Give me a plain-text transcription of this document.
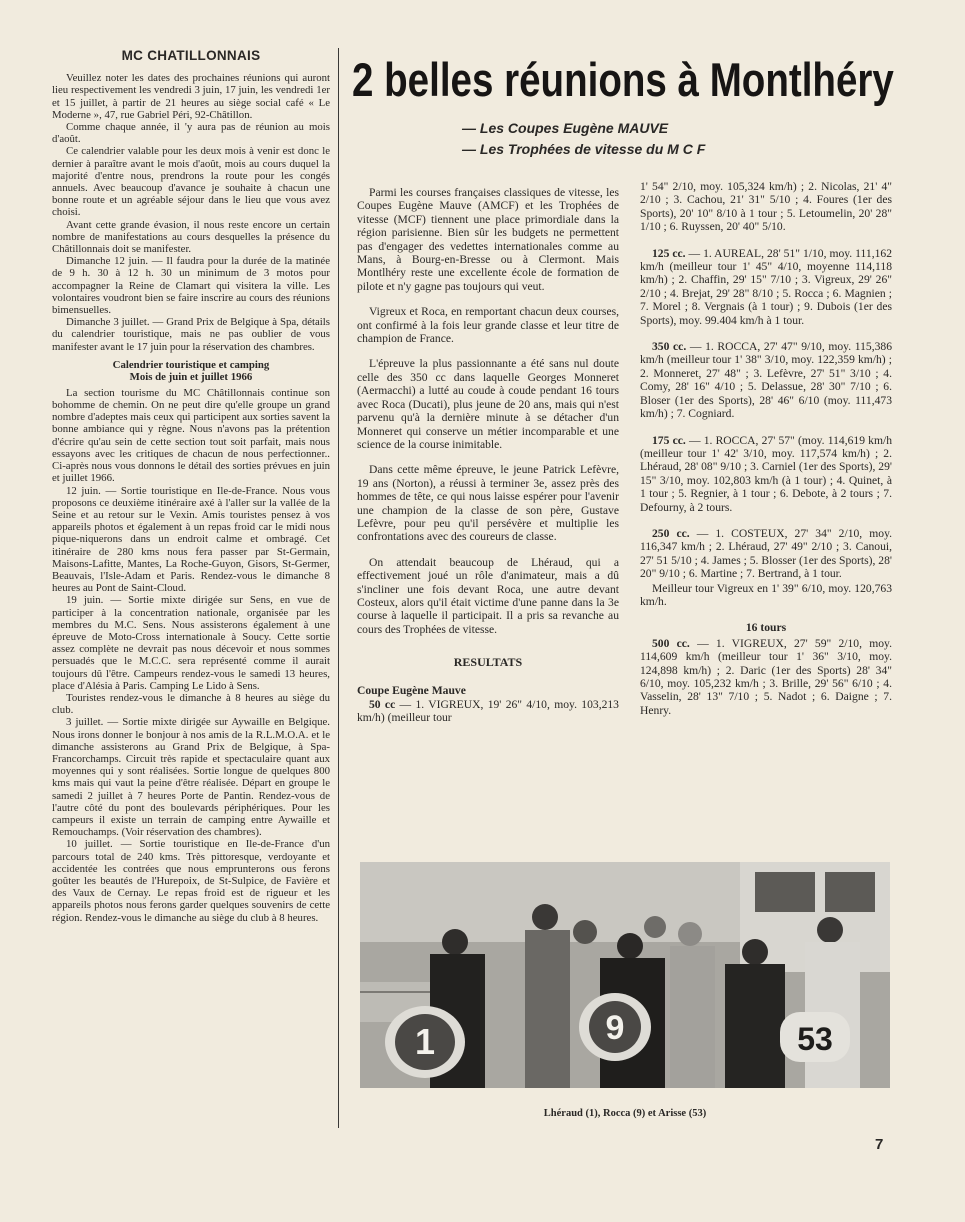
MC CHATILLONNAIS

Veuillez noter les dates des prochaines réunions qui auront lieu respectivement les vendredi 3 juin, 17 juin, les vendredi 1er et 15 juillet, à partir de 21 heures au siège social café « Le Moderne », 47, rue Gabriel Péri, 92-Châtillon.

Comme chaque année, il 'y aura pas de réunion au mois d'août.

Ce calendrier valable pour les deux mois à venir est donc le dernier à paraître avant le mois d'août, mois au cours duquel la majorité d'entre nous, prendrons la route pour les congés annuels. Avec beaucoup d'avance je souhaite à chacun une bonne route et un agréable séjour dans le lieu que vous avez choisi.

Avant cette grande évasion, il nous reste encore un certain nombre de manifestations au cours desquelles la présence du Châtillonnais doit se manifester.

Dimanche 12 juin. — Il faudra pour la durée de la matinée de 9 h. 30 à 12 h. 30 un minimum de 3 motos pour accompagner la Reine de Clamart qui visitera la ville. Les volontaires voudront bien se faire inscrire au cours des réunions bimensuelles.

Dimanche 3 juillet. — Grand Prix de Belgique à Spa, détails du calendrier touristique, mais ne pas oublier de vous manifester avant le 17 juin pour la réservation des chambres.

Calendrier touristique et camping
Mois de juin et juillet 1966

La section tourisme du MC Châtillonnais continue son bohomme de chemin. On ne peut dire qu'elle groupe un grand nombre d'adeptes mais ceux qui participent aux sorties savent la bonne ambiance qui y règne. Nous n'avons pas la prétention d'écrire qu'au sein de cette section tout soit parfait, mais nous essayons avec les critiques de chacun de nous perfectionner.. Ci-après nous vous donnons le détail des sorties prévues en juin et juillet 1966.

12 juin. — Sortie touristique en Ile-de-France. Nous vous proposons ce deuxième itinéraire axé à l'aller sur la vallée de la Seine et au retour sur le Vexin. Amis touristes pensez à vos appareils photos et également à un repas froid car le midi nous pique-niquerons dans un endroit calme et ombragé. Cet itinéraire de 280 kms nous fera passer par St-Germain, Maisons-Lafitte, Mantes, La Roche-Guyon, Gisors, St-Germer, Beauvais, l'Isle-Adam et Paris. Rendez-vous le dimanche 8 heures au Pont de Saint-Cloud.

19 juin. — Sortie mixte dirigée sur Sens, en vue de participer à la concentration nationale, organisée par les membres du M.C. Sens. Nous assisterons également à une épreuve de Moto-Cross internationale à Soucy. Cette sortie assez complète ne devrait pas nous décevoir et nous sommes persuadés que le M.C.C. sera représenté comme il aurait toujours dû l'être. Campeurs rendez-vous le samedi 13 heures, place d'Alésia à Paris. Camping Le Lido à Sens.

Touristes rendez-vous le dimanche à 8 heures au siège du club.

3 juillet. — Sortie mixte dirigée sur Aywaille en Belgique. Nous irons donner le bonjour à nos amis de la R.L.M.O.A. et le dimanche assisterons au Grand Prix de Belgique, à Spa-Francorchamps. Circuit très rapide et spectaculaire quant aux moyennes qui y sont réalisées. Sortie longue de quelques 800 kms mais qui vaut la peine d'être réalisée. Départ en groupe le samedi 2 juillet à 7 heures Porte de Pantin. Rendez-vous de l'autre côté du pont des boulevards périphériques. Pour les campeurs il existe un terrain de camping entre Aywaille et Remouchamps. (Voir réservation des chambres).

10 juillet. — Sortie touristique en Ile-de-France d'un parcours total de 240 kms. Très pittoresque, verdoyante et accidentée les contrées que nous emprunterons ous ferons goûter les beautés de l'Hurepoix, de St-Sulpice, de Favière et des Vaux de Cernay. Le repas froid est de rigueur et les appareils photos nous ferons garder quelques souvenirs de cette région. Rendez-vous le dimanche au siège du club à 8 heures.

2 belles réunions à Montlhéry
— Les Coupes Eugène MAUVE
— Les Trophées de vitesse du M C F

Parmi les courses françaises classiques de vitesse, les Coupes Eugène Mauve (AMCF) et les Trophées de vitesse (MCF) tiennent une place primordiale dans la région parisienne. Bien sûr les budgets ne permettent pas d'engager des vedettes internationales comme au Mans, à Bourg-en-Bresse ou à Clermont. Mais Montlhéry reste une excellente école de formation de pilote et n'y gagne pas toujours qui veut.

Vigreux et Roca, en remportant chacun deux courses, ont confirmé à la fois leur grande classe et leur titre de champion de France.

L'épreuve la plus passionnante a été sans nul doute celle des 350 cc dans laquelle Georges Monneret (Aermacchi) a lutté au coude à coude pendant 16 tours avec Roca (Ducati), plus jeune de 20 ans, mais qui n'est parvenu qu'à la dernière minute à se détacher d'un Monneret qui conserve un métier incomparable et une science de la course inimitable.

Dans cette même épreuve, le jeune Patrick Lefèvre, 19 ans (Norton), a réussi à terminer 3e, assez près des hommes de tête, ce qui nous laisse espérer pour l'avenir une champion de la classe de son père, Gustave Lefèvre, pour peu qu'il persévère et multiplie les confrontations avec des coureurs de classe.

On attendait beaucoup de Lhéraud, qui a effectivement joué un rôle d'animateur, mais a dû s'incliner une fois devant Roca, une autre devant Costeux, alors qu'il était victime d'une panne dans la 3e course à laquelle il participait. Il a pris sa revanche au cours des Trophées de vitesse.

RESULTATS
Coupe Eugène Mauve

50 cc — 1. VIGREUX, 19' 26" 4/10, moy. 103,213 km/h) (meilleur tour

1' 54" 2/10, moy. 105,324 km/h) ; 2. Nicolas, 21' 4" 2/10 ; 3. Cachou, 21' 31" 5/10 ; 4. Foures (1er des Sports), 20' 10" 8/10 à 1 tour ; 5. Letoumelin, 20' 28" 1/10 ; 6. Ruyssen, 20' 40" 5/10.

125 cc. — 1. AUREAL, 28' 51" 1/10, moy. 111,162 km/h (meilleur tour 1' 45" 4/10, moyenne 114,118 km/h) ; 2. Chaffin, 29' 15" 7/10 ; 3. Vigreux, 29' 26" 2/10 ; 4. Brejat, 29' 28" 8/10 ; 5. Rocca ; 6. Magnien ; 7. Morel ; 8. Vergnais (à 1 tour) ; 9. Dubois (1er des Sports), moy. 99.404 km/h à 1 tour.

350 cc. — 1. ROCCA, 27' 47" 9/10, moy. 115,386 km/h (meilleur tour 1' 38" 3/10, moy. 122,359 km/h) ; 2. Monneret, 27' 48" ; 3. Lefèvre, 27' 51" 3/10 ; 4. Comy, 28' 16" 4/10 ; 5. Delassue, 28' 30" 7/10 ; 6. Bloser (1er des Sports), 28' 46" 6/10 (moy. 111,473 km/h) ; 7. Cogniard.

175 cc. — 1. ROCCA, 27' 57" (moy. 114,619 km/h (meilleur tour 1' 42' 3/10, moy. 117,574 km/h) ; 2. Lhéraud, 28' 08" 9/10 ; 3. Carniel (1er des Sports), 29' 15" 3/10, moy. 102,803 km/h (à 1 tour) ; 4. Quinet, à 1 tour ; 5. Regnier, à 1 tour ; 6. Debote, à 2 tours ; 7. Defourny, à 2 tours.

250 cc. — 1. COSTEUX, 27' 34" 2/10, moy. 116,347 km/h ; 2. Lhéraud, 27' 49" 2/10 ; 3. Canoui, 27' 51 5/10 ; 4. James ; 5. Blosser (1er des Sports), 28' 20" 9/10 ; 6. Martine ; 7. Bertrand, à 1 tour.

Meilleur tour Vigreux en 1' 39" 6/10, moy. 120,763 km/h.

16 tours

500 cc. — 1. VIGREUX, 27' 59" 2/10, moy. 114,609 km/h (meilleur tour 1' 36" 3/10, moy. 124,898 km/h) ; 2. Daric (1er des Sports) 28' 34" 6/10, moy. 105,232 km/h ; 3. Brille, 29' 56" 6/10 ; 4. Vasselin, 28' 13" 7/10 ; 5. Nadot ; 6. Daigne ; 7. Henry.

1	9	53
Lhéraud (1), Rocca (9) et Arisse (53)
7
